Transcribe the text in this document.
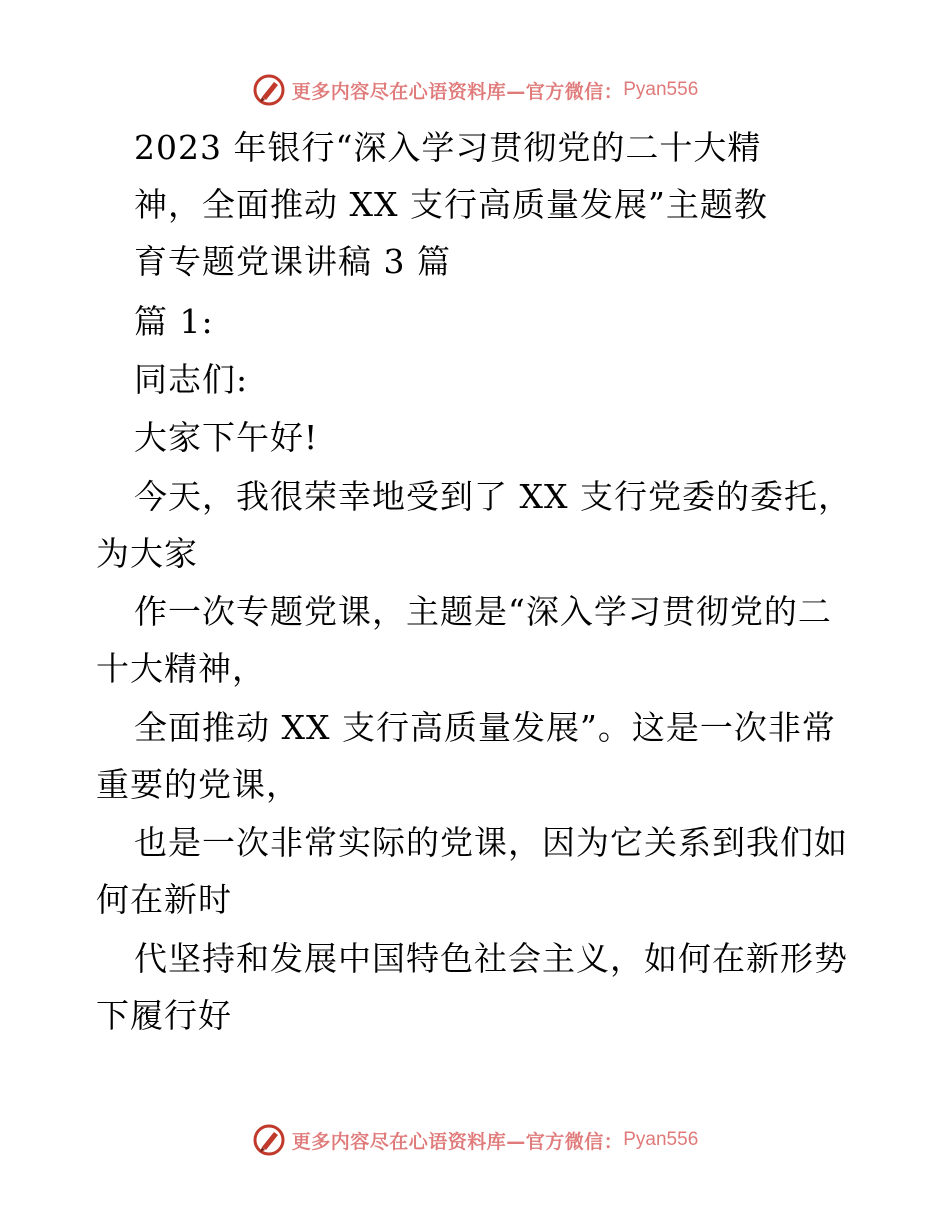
更多内容尽在心语资料库—官方微信： Pyan556
2023 年银行“深入学习贯彻党的二十大精
神，全面推动 XX 支行高质量发展”主题教
育专题党课讲稿 3 篇
篇 1:
同志们:
大家下午好!
今天，我很荣幸地受到了 XX 支行党委的委托，
为大家
作一次专题党课，主题是“深入学习贯彻党的二
十大精神，
全面推动 XX 支行高质量发展”。这是一次非常
重要的党课，
也是一次非常实际的党课，因为它关系到我们如
何在新时
代坚持和发展中国特色社会主义，如何在新形势
下履行好
更多内容尽在心语资料库—官方微信： Pyan556
